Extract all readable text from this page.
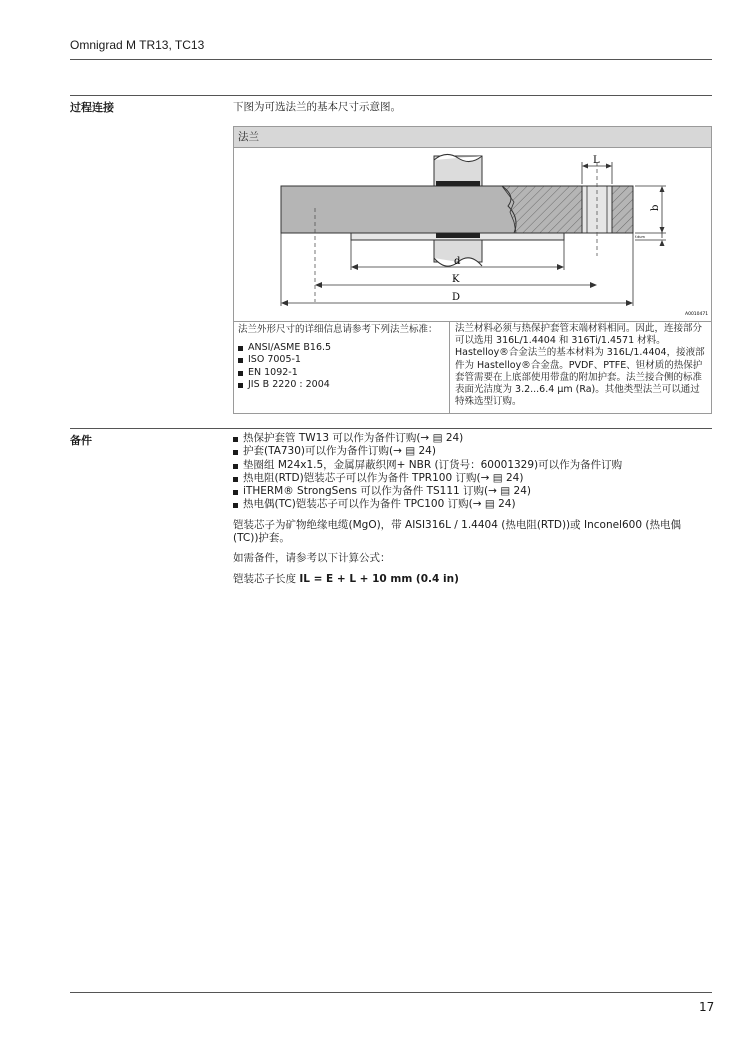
Omnigrad M TR13, TC13
过程连接	下图为可选法兰的基本尺寸示意图。
法兰
L
b
d
K
D
f.dum
A0010471
法兰外形尺寸的详细信息请参考下列法兰标准：
ANSI/ASME B16.5
ISO 7005-1
EN 1092-1
JIS B 2220 : 2004
法兰材料必须与热保护套管末端材料相同。因此，连接部分可以选用 316L/1.4404 和 316Ti/1.4571 材料。Hastelloy®合金法兰的基本材料为 316L/1.4404，接液部件为 Hastelloy®合金盘。PVDF、PTFE、钽材质的热保护套管需要在上底部使用带盘的附加护套。法兰接合侧的标准表面光洁度为 3.2...6.4 μm (Ra)。其他类型法兰可以通过特殊选型订购。
备件	热保护套管 TW13 可以作为备件订购(→ ▤ 24)
护套(TA730)可以作为备件订购(→ ▤ 24)
垫圈组 M24x1.5，金属屏蔽织网+ NBR (订货号：60001329)可以作为备件订购
热电阻(RTD)铠装芯子可以作为备件 TPR100 订购(→ ▤ 24)
iTHERM® StrongSens 可以作为备件 TS111 订购(→ ▤ 24)
热电偶(TC)铠装芯子可以作为备件 TPC100 订购(→ ▤ 24)

铠装芯子为矿物绝缘电缆(MgO)，带 AISI316L / 1.4404 (热电阻(RTD))或 Inconel600 (热电偶(TC))护套。

如需备件，请参考以下计算公式：

铠装芯子长度 IL = E + L + 10 mm (0.4 in)

17
